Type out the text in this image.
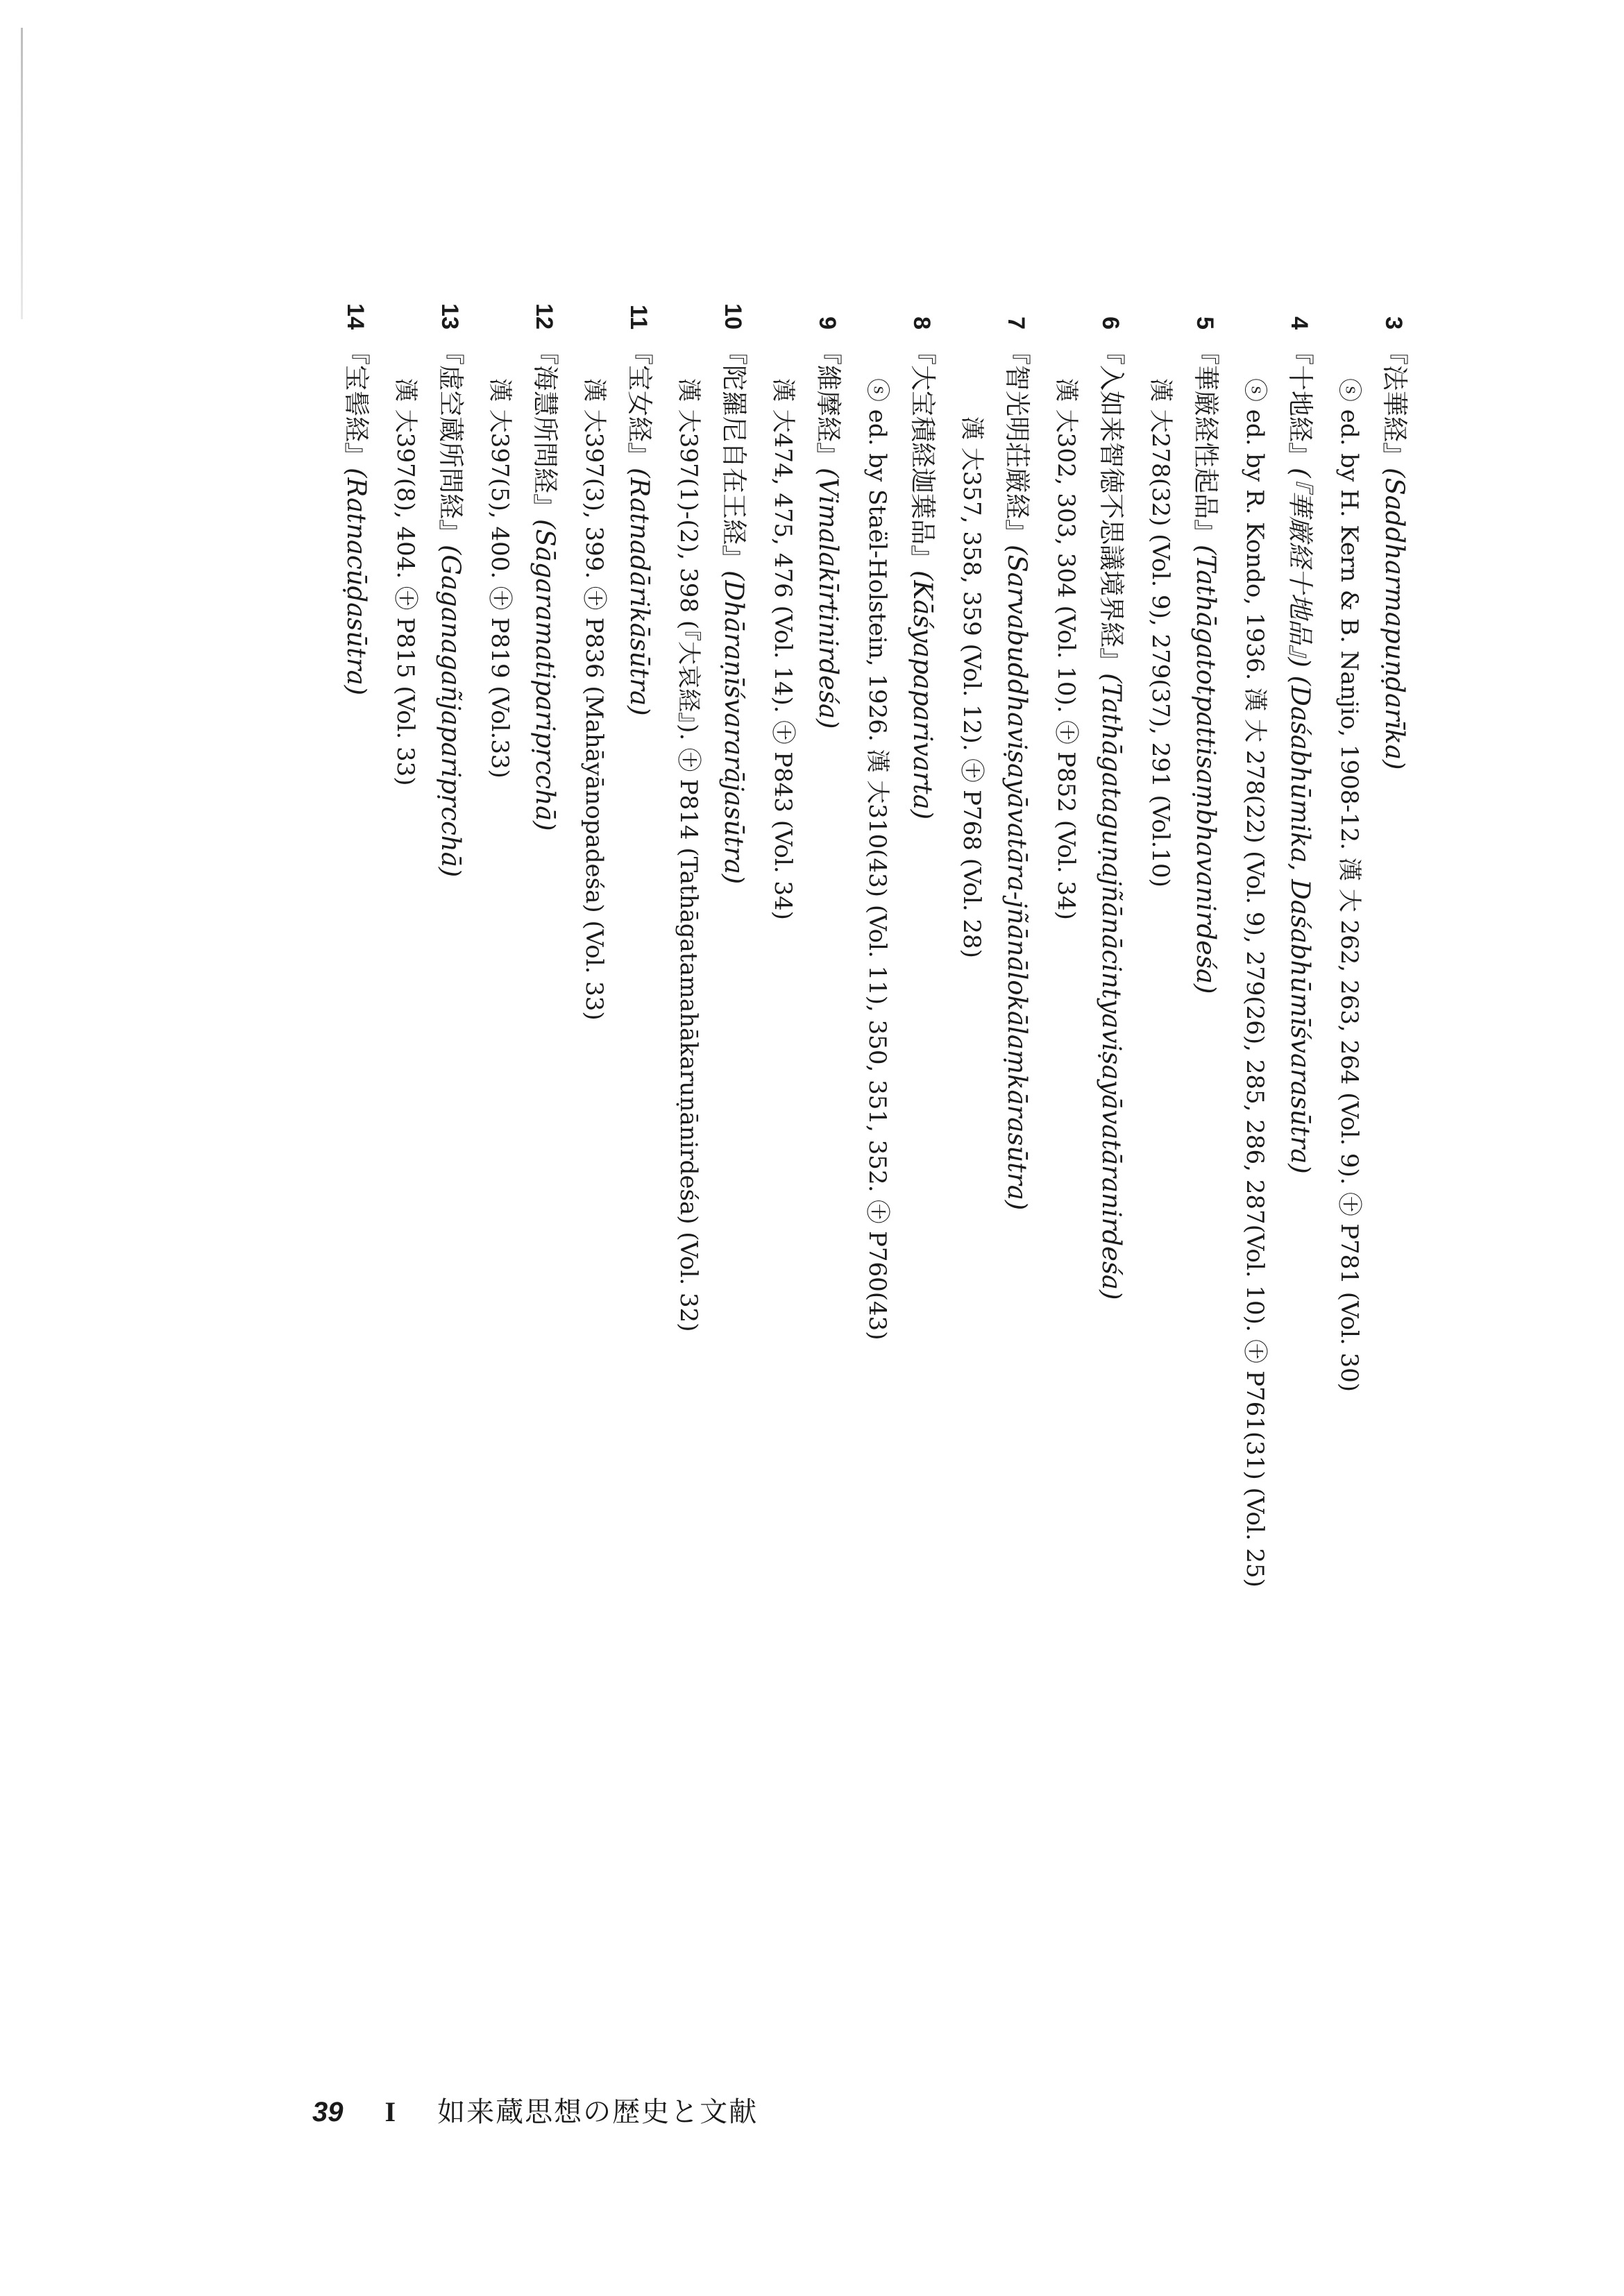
3
『法華経』(Saddharmapuṇḍarīka)
ⓢ ed. by H. Kern & B. Nanjio, 1908-12. 漢 大 262, 263, 264 (Vol. 9). ㊉ P781 (Vol. 30)
4
『十地経』(『華厳経十地品』) (Daśabhūmika, Daśabhūmīśvarasūtra)
ⓢ ed. by R. Kondo, 1936. 漢 大 278(22) (Vol. 9), 279(26), 285, 286, 287(Vol. 10). ㊉ P761(31) (Vol. 25)
5
『華厳経性起品』(Tathāgatotpattisaṃbhavanirdeśa)
漢 大278(32) (Vol. 9), 279(37), 291 (Vol.10)
6
『入如来智徳不思議境界経』(Tathāgataguṇajñānācintyaviṣayāvatāranirdeśa)
漢 大302, 303, 304 (Vol. 10). ㊉ P852 (Vol. 34)
7
『智光明荘厳経』(Sarvabuddhaviṣayāvatāra-jñānālokālaṃkārasūtra)
漢 大357, 358, 359 (Vol. 12). ㊉ P768 (Vol. 28)
8
『大宝積経迦葉品』(Kāśyapaparivarta)
ⓢ ed. by Staël-Holstein, 1926. 漢 大310(43) (Vol. 11), 350, 351, 352. ㊉ P760(43)
9
『維摩経』(Vimalakīrtinirdeśa)
漢 大474, 475, 476 (Vol. 14). ㊉ P843 (Vol. 34)
10
『陀羅尼自在王経』(Dhāraṇīśvararājasūtra)
漢 大397(1)-(2), 398 (『大哀経』). ㊉ P814 (Tathāgatamahākaruṇānirdeśa) (Vol. 32)
11
『宝女経』(Ratnadārikāsūtra)
漢 大397(3), 399. ㊉ P836 (Mahāyānopadeśa) (Vol. 33)
12
『海慧所問経』(Sāgaramatiparipṛcchā)
漢 大397(5), 400. ㊉ P819 (Vol.33)
13
『虚空蔵所問経』(Gaganagañjaparipṛcchā)
漢 大397(8), 404. ㊉ P815 (Vol. 33)
14
『宝髻経』(Ratnacūḍasūtra)
39 I 如来蔵思想の歴史と文献
